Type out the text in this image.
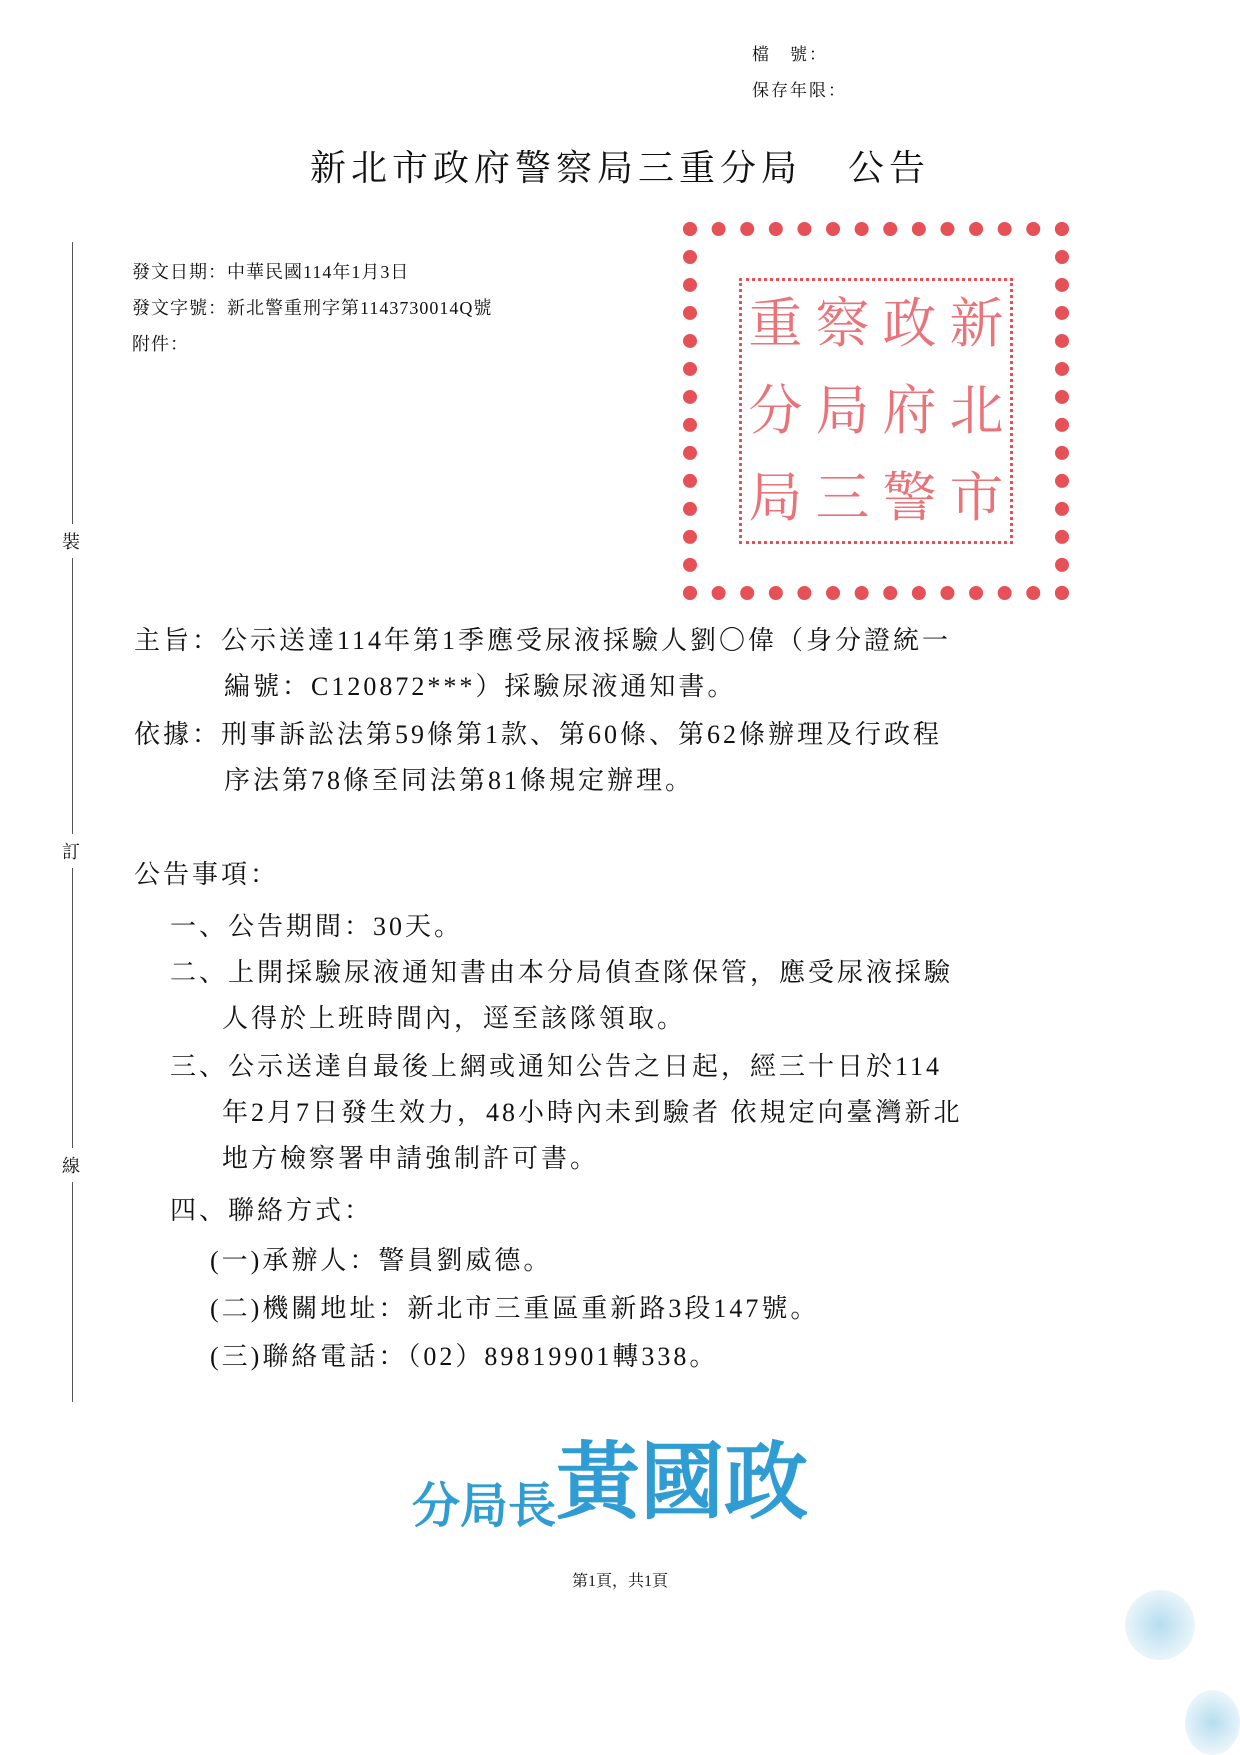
檔　號：
保存年限：
新北市政府警察局三重分局 公告
裝
訂
線
發文日期：中華民國114年1月3日
發文字號：新北警重刑字第1143730014Q號
附件：	新
北
市
政
府
警
察
局
三
重
分
局
主旨：公示送達114年第1季應受尿液採驗人劉〇偉（身分證統一
編號：C120872***）採驗尿液通知書。
依據：刑事訴訟法第59條第1款、第60條、第62條辦理及行政程
序法第78條至同法第81條規定辦理。
公告事項：
一、公告期間：30天。
二、上開採驗尿液通知書由本分局偵查隊保管，應受尿液採驗
人得於上班時間內，逕至該隊領取。
三、公示送達自最後上網或通知公告之日起，經三十日於114
年2月7日發生效力，48小時內未到驗者 依規定向臺灣新北
地方檢察署申請強制許可書。
四、聯絡方式：
(一)承辦人：警員劉威德。
(二)機關地址：新北市三重區重新路3段147號。
(三)聯絡電話：（02）89819901轉338。
分局長黃國政
第1頁，共1頁
